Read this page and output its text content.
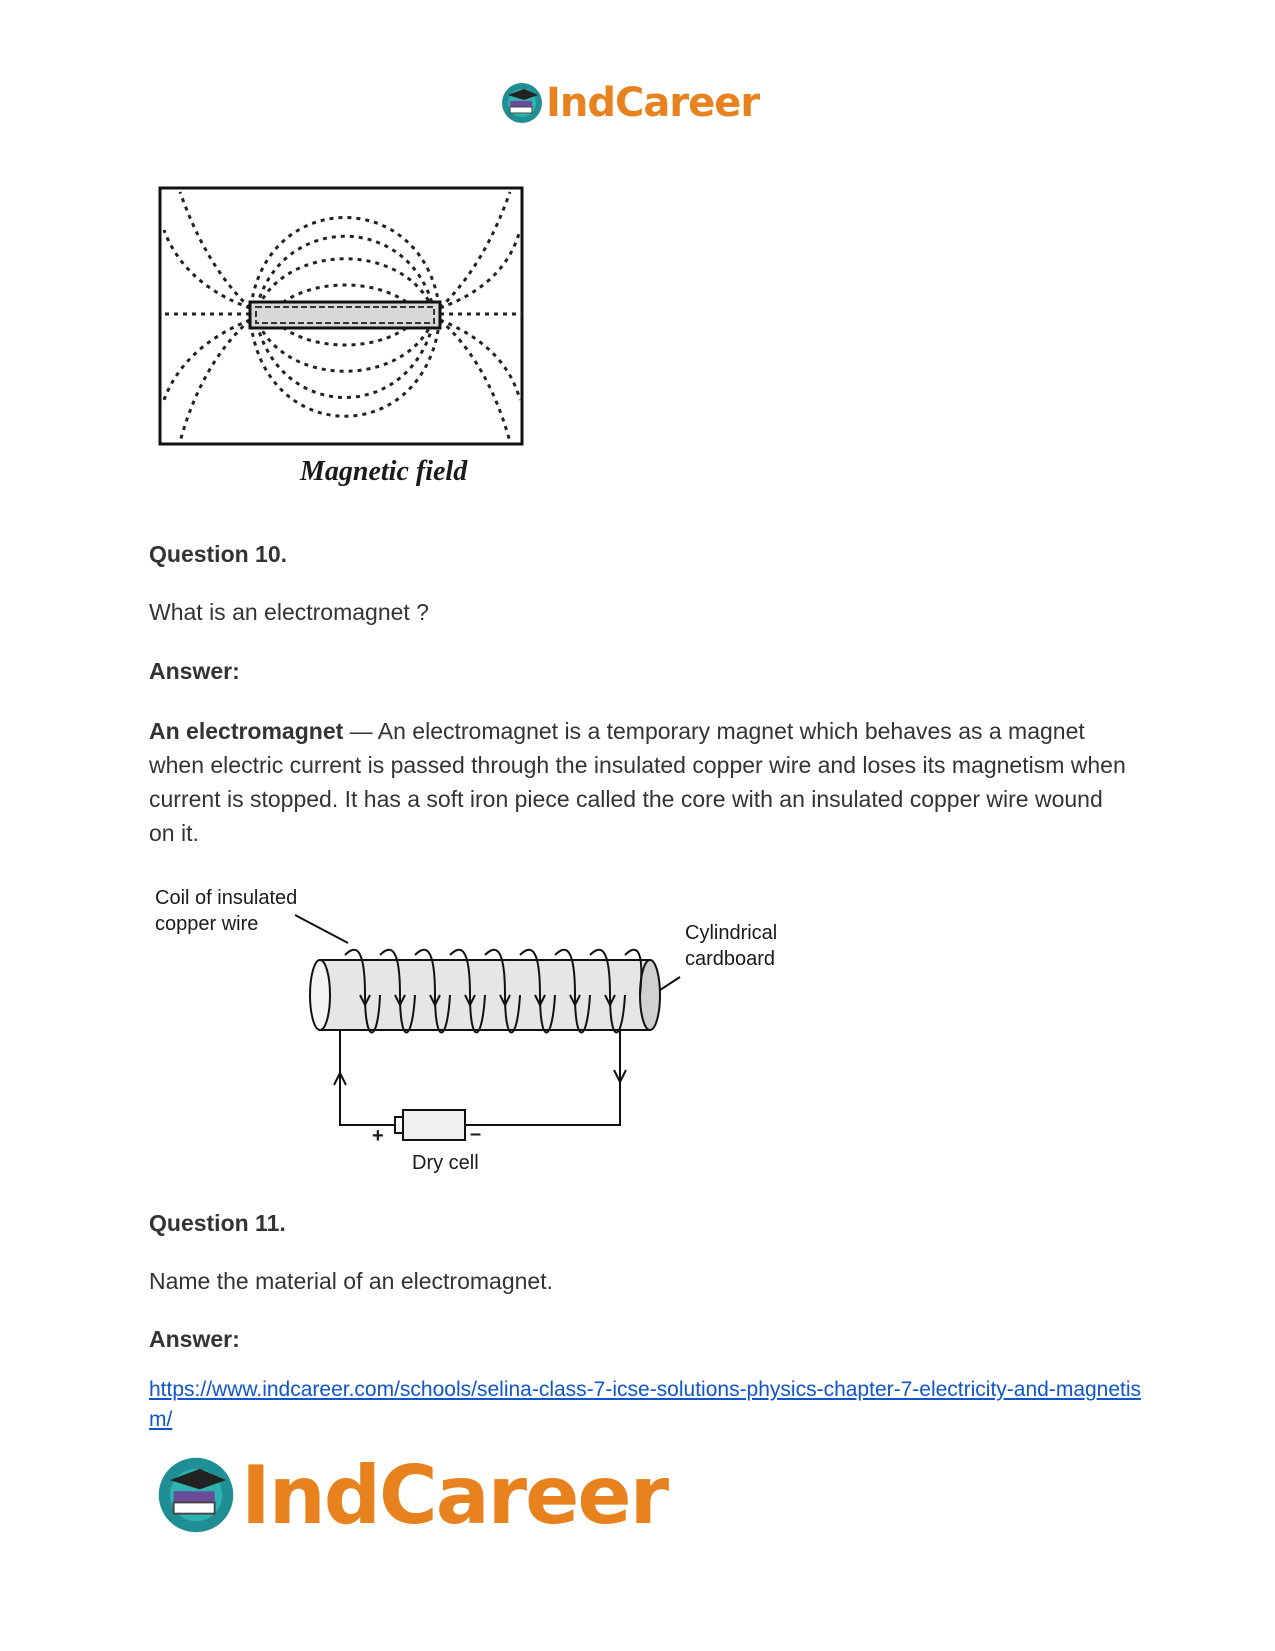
IndCareer
Magnetic field
Question 10.
What is an electromagnet ?
Answer:
An electromagnet — An electromagnet is a temporary magnet which behaves as a magnet when electric current is passed through the insulated copper wire and loses its magnetism when current is stopped. It has a soft iron piece called the core with an insulated copper wire wound on it.
Coil of insulated
copper wire	Cylindrical
cardboard
+	–
Dry cell
Question 11.
Name the material of an electromagnet.
Answer:
https://www.indcareer.com/schools/selina-class-7-icse-solutions-physics-chapter-7-electricity-and-magnetism/
IndCareer
